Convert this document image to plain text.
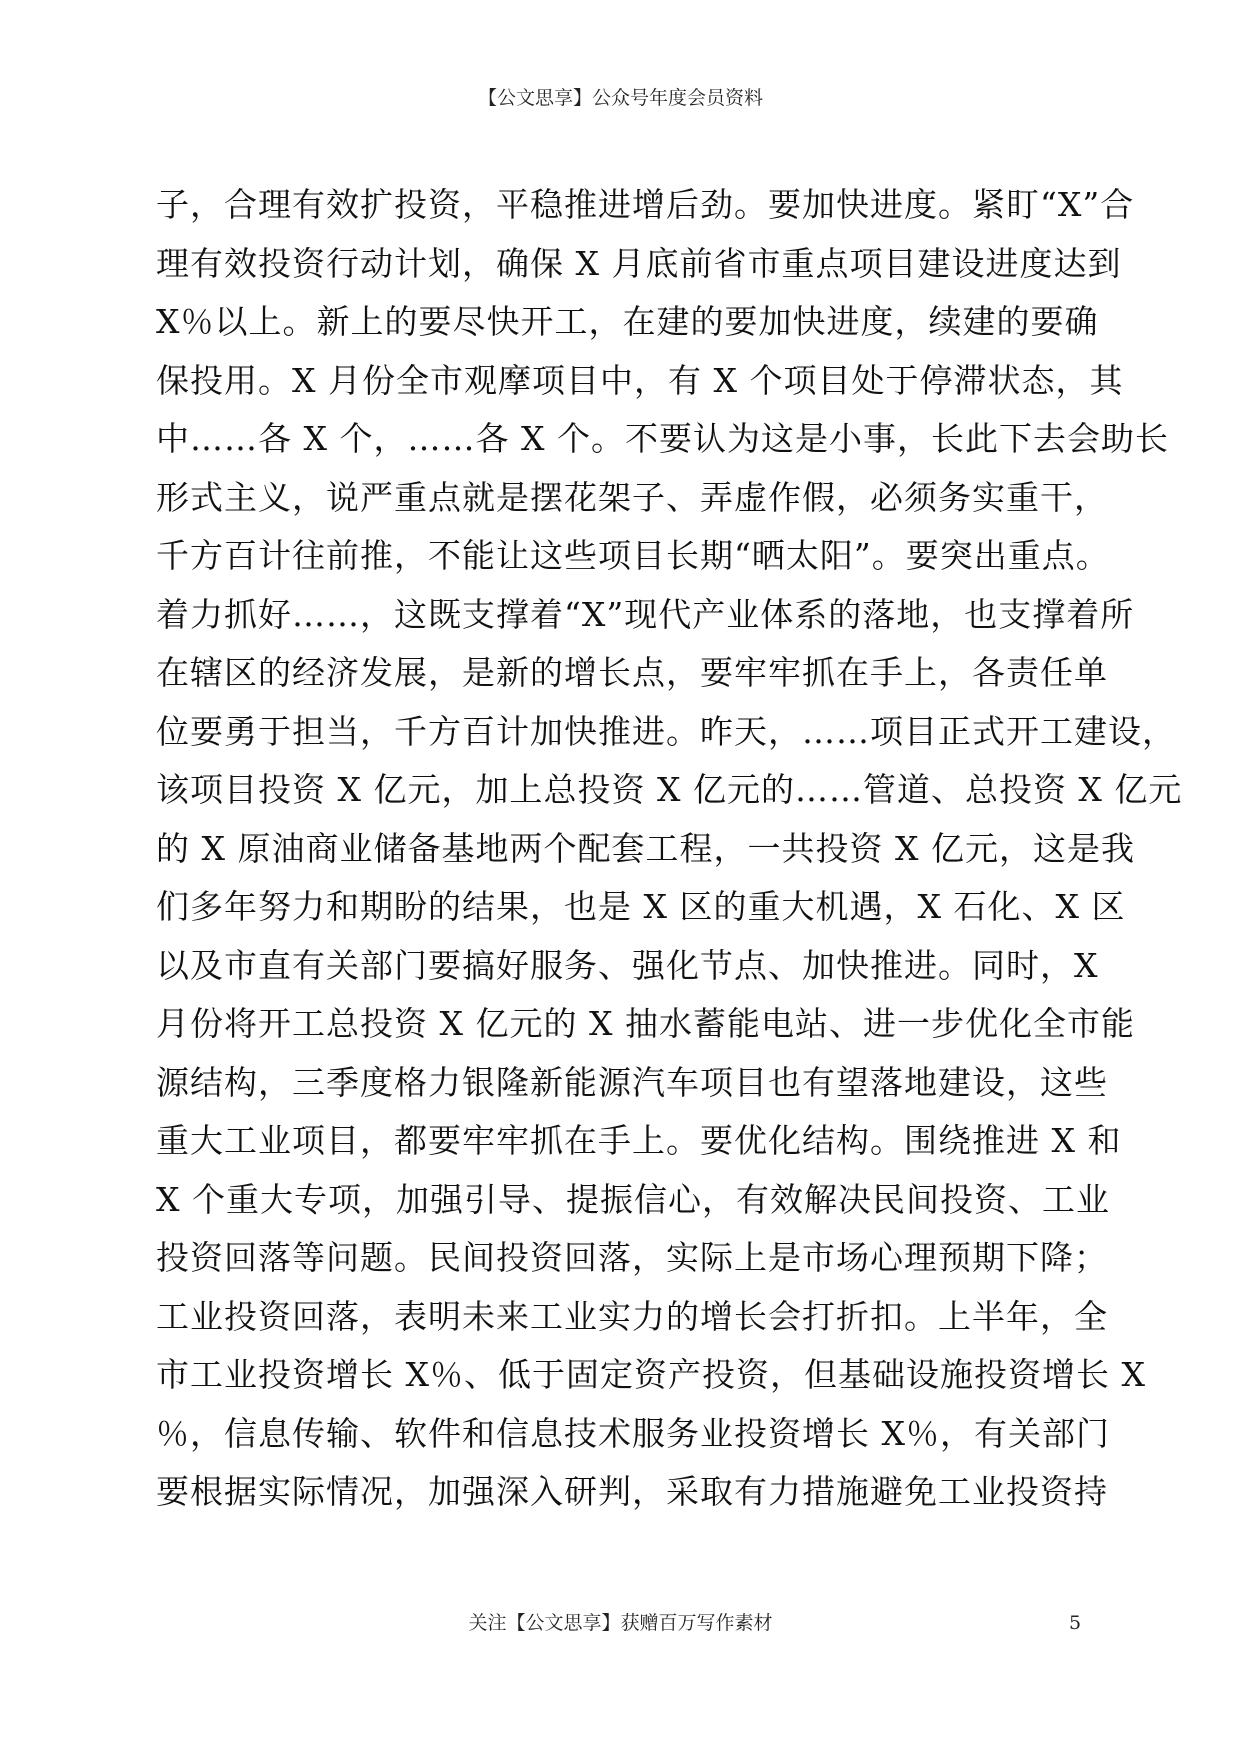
【公文思享】公众号年度会员资料
子，合理有效扩投资，平稳推进增后劲。要加快进度。紧盯“X”合
理有效投资行动计划，确保 X 月底前省市重点项目建设进度达到
X％以上。新上的要尽快开工，在建的要加快进度，续建的要确
保投用。X 月份全市观摩项目中，有 X 个项目处于停滞状态，其
中……各 X 个，……各 X 个。不要认为这是小事，长此下去会助长
形式主义，说严重点就是摆花架子、弄虚作假，必须务实重干，
千方百计往前推，不能让这些项目长期“晒太阳”。要突出重点。
着力抓好……，这既支撑着“X”现代产业体系的落地，也支撑着所
在辖区的经济发展，是新的增长点，要牢牢抓在手上，各责任单
位要勇于担当，千方百计加快推进。昨天，……项目正式开工建设，
该项目投资 X 亿元，加上总投资 X 亿元的……管道、总投资 X 亿元
的 X 原油商业储备基地两个配套工程，一共投资 X 亿元，这是我
们多年努力和期盼的结果，也是 X 区的重大机遇，X 石化、X 区
以及市直有关部门要搞好服务、强化节点、加快推进。同时，X
月份将开工总投资 X 亿元的 X 抽水蓄能电站、进一步优化全市能
源结构，三季度格力银隆新能源汽车项目也有望落地建设，这些
重大工业项目，都要牢牢抓在手上。要优化结构。围绕推进 X 和
X 个重大专项，加强引导、提振信心，有效解决民间投资、工业
投资回落等问题。民间投资回落，实际上是市场心理预期下降；
工业投资回落，表明未来工业实力的增长会打折扣。上半年，全
市工业投资增长 X％、低于固定资产投资，但基础设施投资增长 X
％，信息传输、软件和信息技术服务业投资增长 X％，有关部门
要根据实际情况，加强深入研判，采取有力措施避免工业投资持
关注【公文思享】获赠百万写作素材	5
